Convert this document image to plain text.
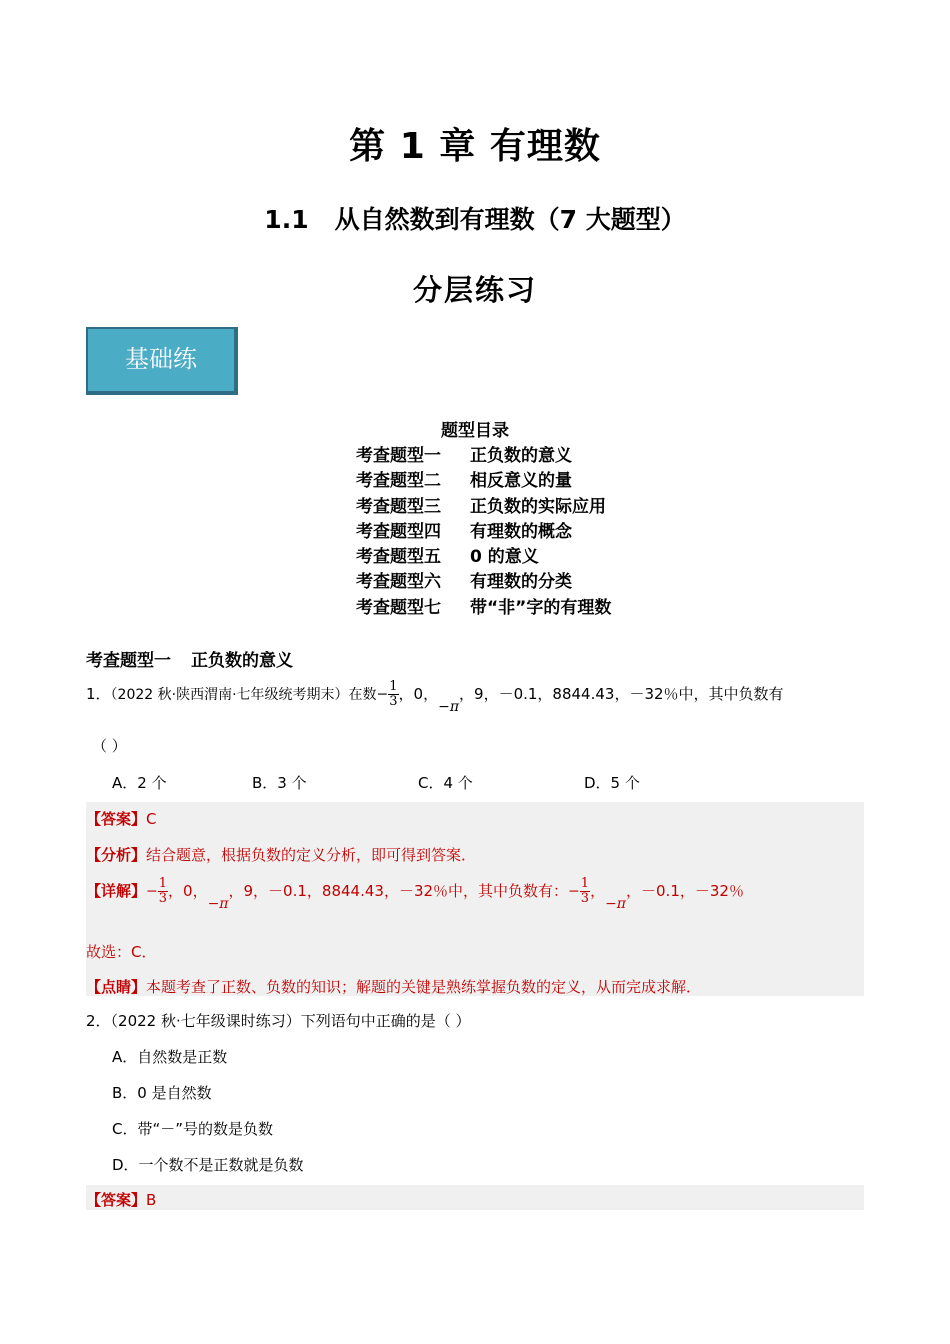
第 1 章 有理数
1.1 从自然数到有理数（7 大题型）
分层练习
基础练
题型目录
考查题型一 正负数的意义
考查题型二 相反意义的量
考查题型三 正负数的实际应用
考查题型四 有理数的概念
考查题型五 0 的意义
考查题型六 有理数的分类
考查题型七 带“非”字的有理数
考查题型一 正负数的意义
1．（2022 秋·陕西渭南·七年级统考期末）在数− $\frac{1}{3}$ ，0，−π，9，－0.1，8844.43，－32％中，其中负数有
（ ）
A．2 个	B．3 个	C．4 个	D．5 个
【答案】C
【分析】结合题意，根据负数的定义分析，即可得到答案．
【详解】− $\frac{1}{3}$ ，0，−π，9，－0.1，8844.43，－32％中，其中负数有：− $\frac{1}{3}$ ，−π，－0.1，－32％
故选：C．
【点睛】本题考查了正数、负数的知识；解题的关键是熟练掌握负数的定义，从而完成求解．
2．（2022 秋·七年级课时练习）下列语句中正确的是（ ）
A．自然数是正数
B．0 是自然数
C．带“－”号的数是负数
D．一个数不是正数就是负数
【答案】B
